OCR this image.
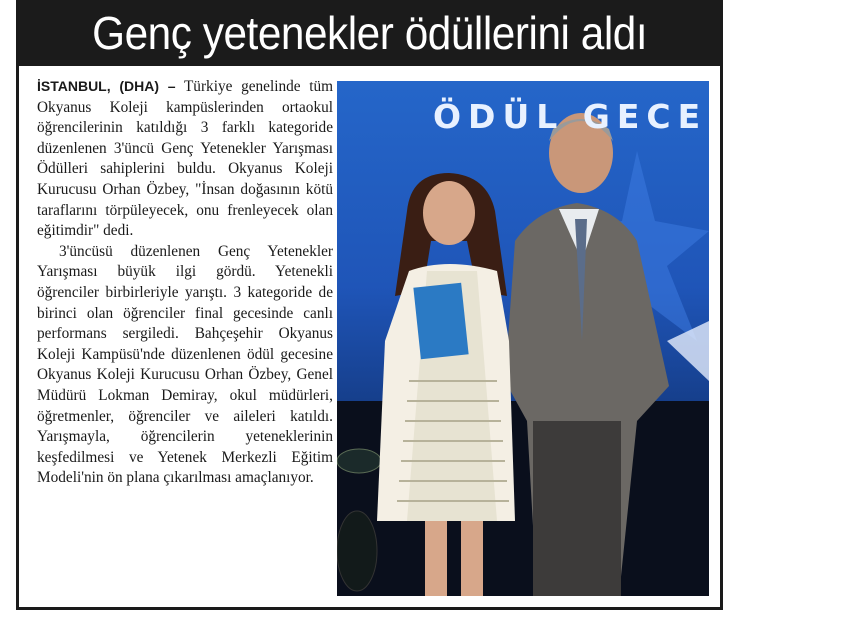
Genç yetenekler ödüllerini aldı

İSTANBUL, (DHA) – Türkiye genelinde tüm Okyanus Koleji kampüslerinden ortaokul öğrencilerinin katıldığı 3 farklı kategoride düzenlenen 3'üncü Genç Yetenekler Yarışması Ödülleri sahiplerini buldu. Okyanus Koleji Kurucusu Orhan Özbey, "İnsan doğasının kötü taraflarını törpüleyecek, onu frenleyecek olan eğitimdir" dedi.

3'üncüsü düzenlenen Genç Yetenekler Yarışması büyük ilgi gördü. Yetenekli öğrenciler birbirleriyle yarıştı. 3 kategoride de birinci olan öğrenciler final gecesinde canlı performans sergiledi. Bahçeşehir Okyanus Koleji Kampüsü'nde düzenlenen ödül gecesine Okyanus Koleji Kurucusu Orhan Özbey, Genel Müdürü Lokman Demiray, okul müdürleri, öğretmenler, öğrenciler ve aileleri katıldı. Yarışmayla, öğrencilerin yeteneklerinin keşfedilmesi ve Yetenek Merkezli Eğitim Modeli'nin ön plana çıkarılması amaçlanıyor.

ÖDÜL GECE
